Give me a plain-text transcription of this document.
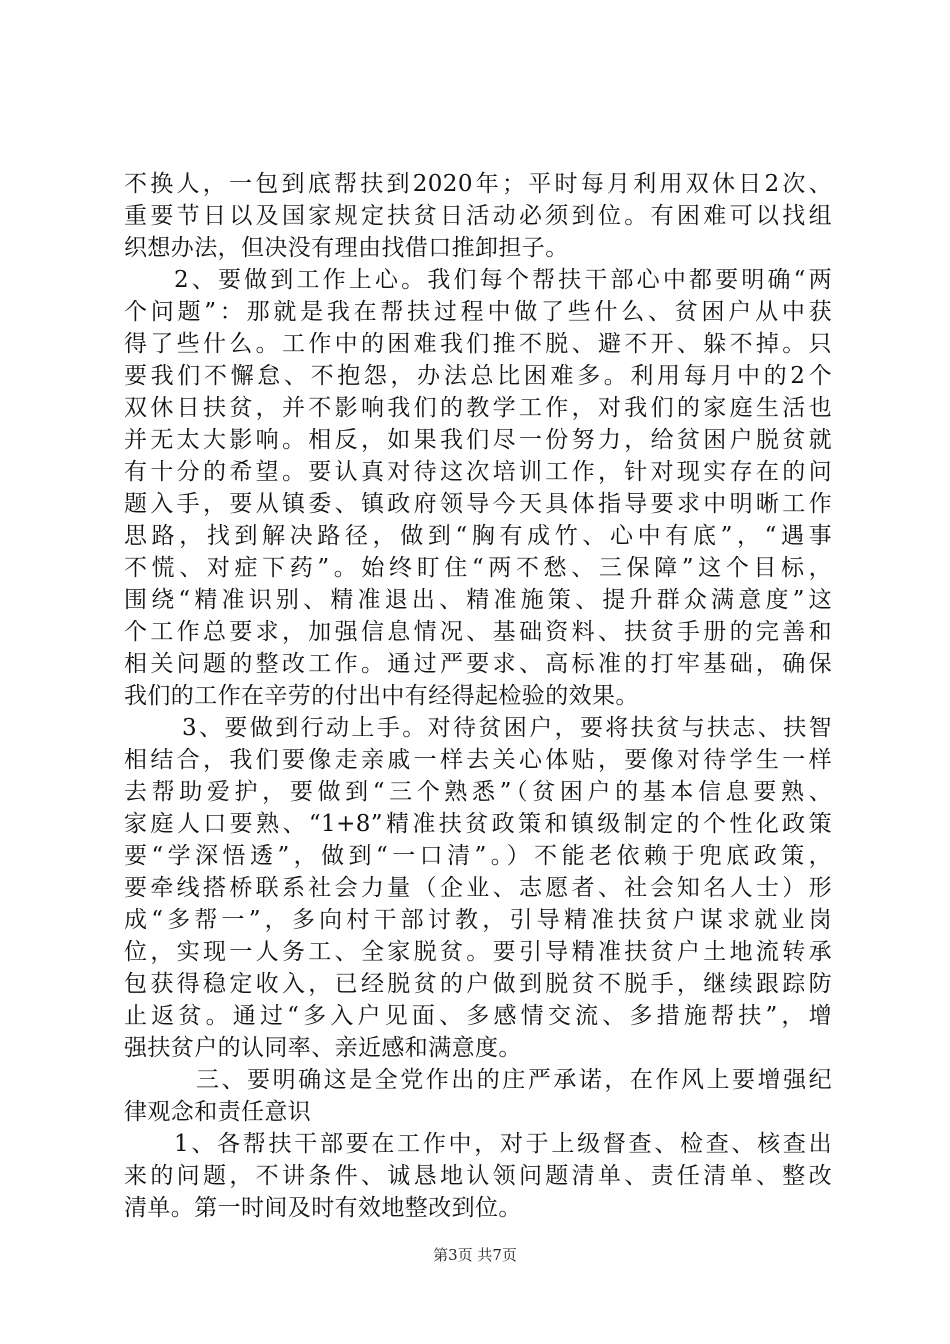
不换人，一包到底帮扶到2020年；平时每月利用双休日2次、
重要节日以及国家规定扶贫日活动必须到位。有困难可以找组
织想办法，但决没有理由找借口推卸担子。
2、要做到工作上心。我们每个帮扶干部心中都要明确“两
个问题”：那就是我在帮扶过程中做了些什么、贫困户从中获
得了些什么。工作中的困难我们推不脱、避不开、躲不掉。只
要我们不懈怠、不抱怨，办法总比困难多。利用每月中的2个
双休日扶贫，并不影响我们的教学工作，对我们的家庭生活也
并无太大影响。相反，如果我们尽一份努力，给贫困户脱贫就
有十分的希望。要认真对待这次培训工作，针对现实存在的问
题入手，要从镇委、镇政府领导今天具体指导要求中明晰工作
思路，找到解决路径，做到“胸有成竹、心中有底”，“遇事
不慌、对症下药”。始终盯住“两不愁、三保障”这个目标，
围绕“精准识别、精准退出、精准施策、提升群众满意度”这
个工作总要求，加强信息情况、基础资料、扶贫手册的完善和
相关问题的整改工作。通过严要求、高标准的打牢基础，确保
我们的工作在辛劳的付出中有经得起检验的效果。
3、要做到行动上手。对待贫困户，要将扶贫与扶志、扶智
相结合，我们要像走亲戚一样去关心体贴，要像对待学生一样
去帮助爱护，要做到“三个熟悉”（贫困户的基本信息要熟、
家庭人口要熟、“1+8”精准扶贫政策和镇级制定的个性化政策
要“学深悟透”，做到“一口清”。）不能老依赖于兜底政策，
要牵线搭桥联系社会力量（企业、志愿者、社会知名人士）形
成“多帮一”，多向村干部讨教，引导精准扶贫户谋求就业岗
位，实现一人务工、全家脱贫。要引导精准扶贫户土地流转承
包获得稳定收入，已经脱贫的户做到脱贫不脱手，继续跟踪防
止返贫。通过“多入户见面、多感情交流、多措施帮扶”，增
强扶贫户的认同率、亲近感和满意度。
三、要明确这是全党作出的庄严承诺，在作风上要增强纪
律观念和责任意识
1、各帮扶干部要在工作中，对于上级督查、检查、核查出
来的问题，不讲条件、诚恳地认领问题清单、责任清单、整改
清单。第一时间及时有效地整改到位。
第3页 共7页
